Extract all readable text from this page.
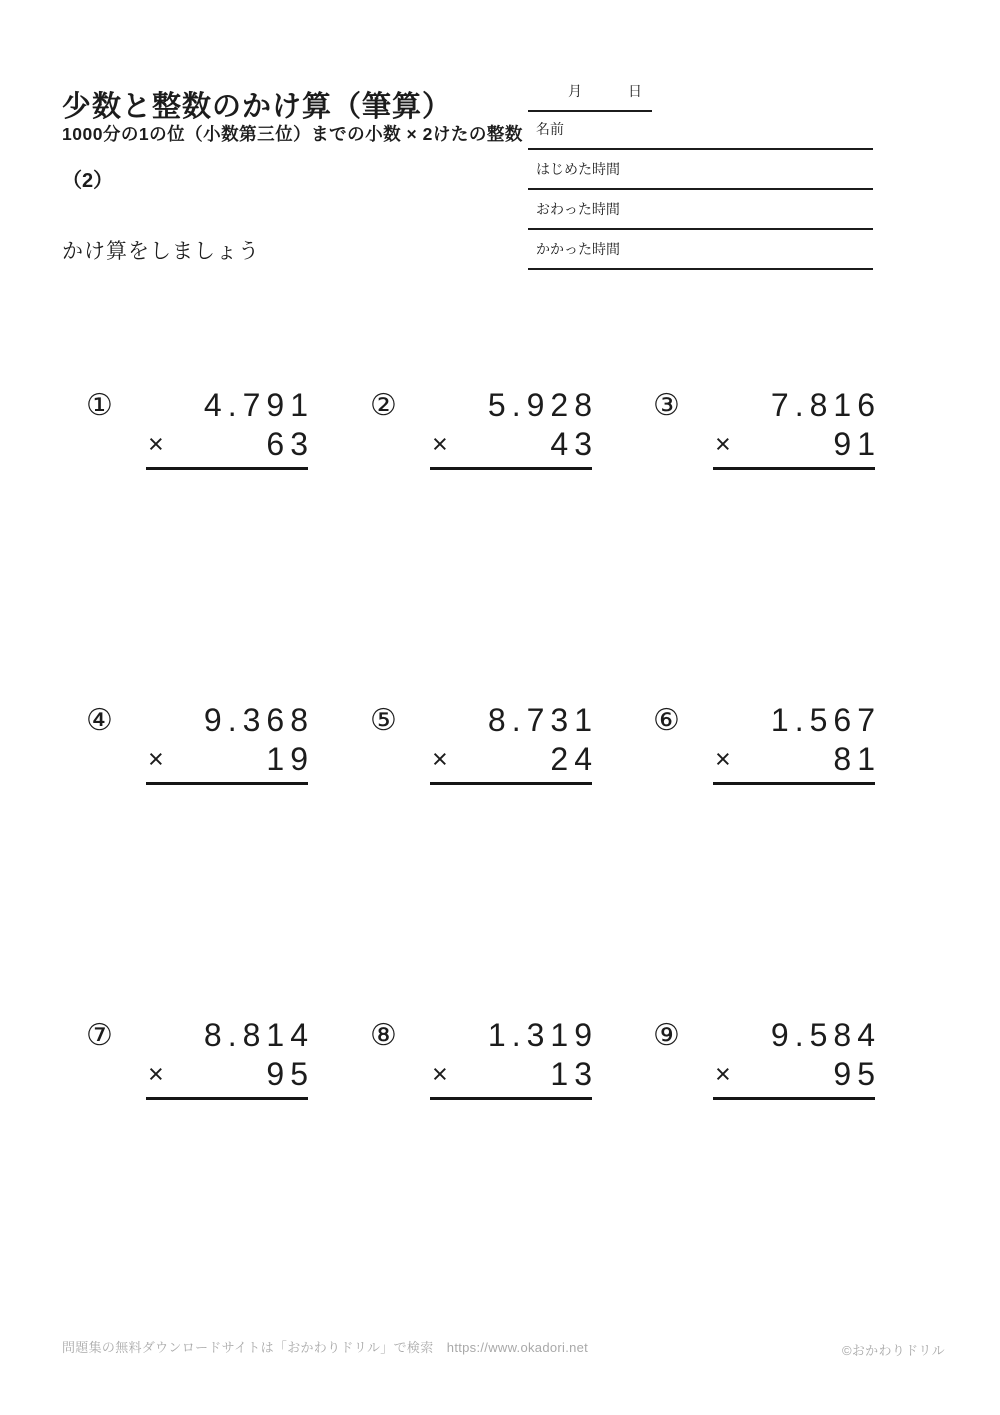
少数と整数のかけ算（筆算）
1000分の1の位（小数第三位）までの小数 × 2けたの整数
（2）
かけ算をしましょう
月	日
名前
はじめた時間
おわった時間
かかった時間
①	4.791
×	63
②	5.928
×	43
③	7.816
×	91
④	9.368
×	19
⑤	8.731
×	24
⑥	1.567
×	81
⑦	8.814
×	95
⑧	1.319
×	13
⑨	9.584
×	95
問題集の無料ダウンロードサイトは「おかわりドリル」で検索　https://www.okadori.net	©おかわりドリル
